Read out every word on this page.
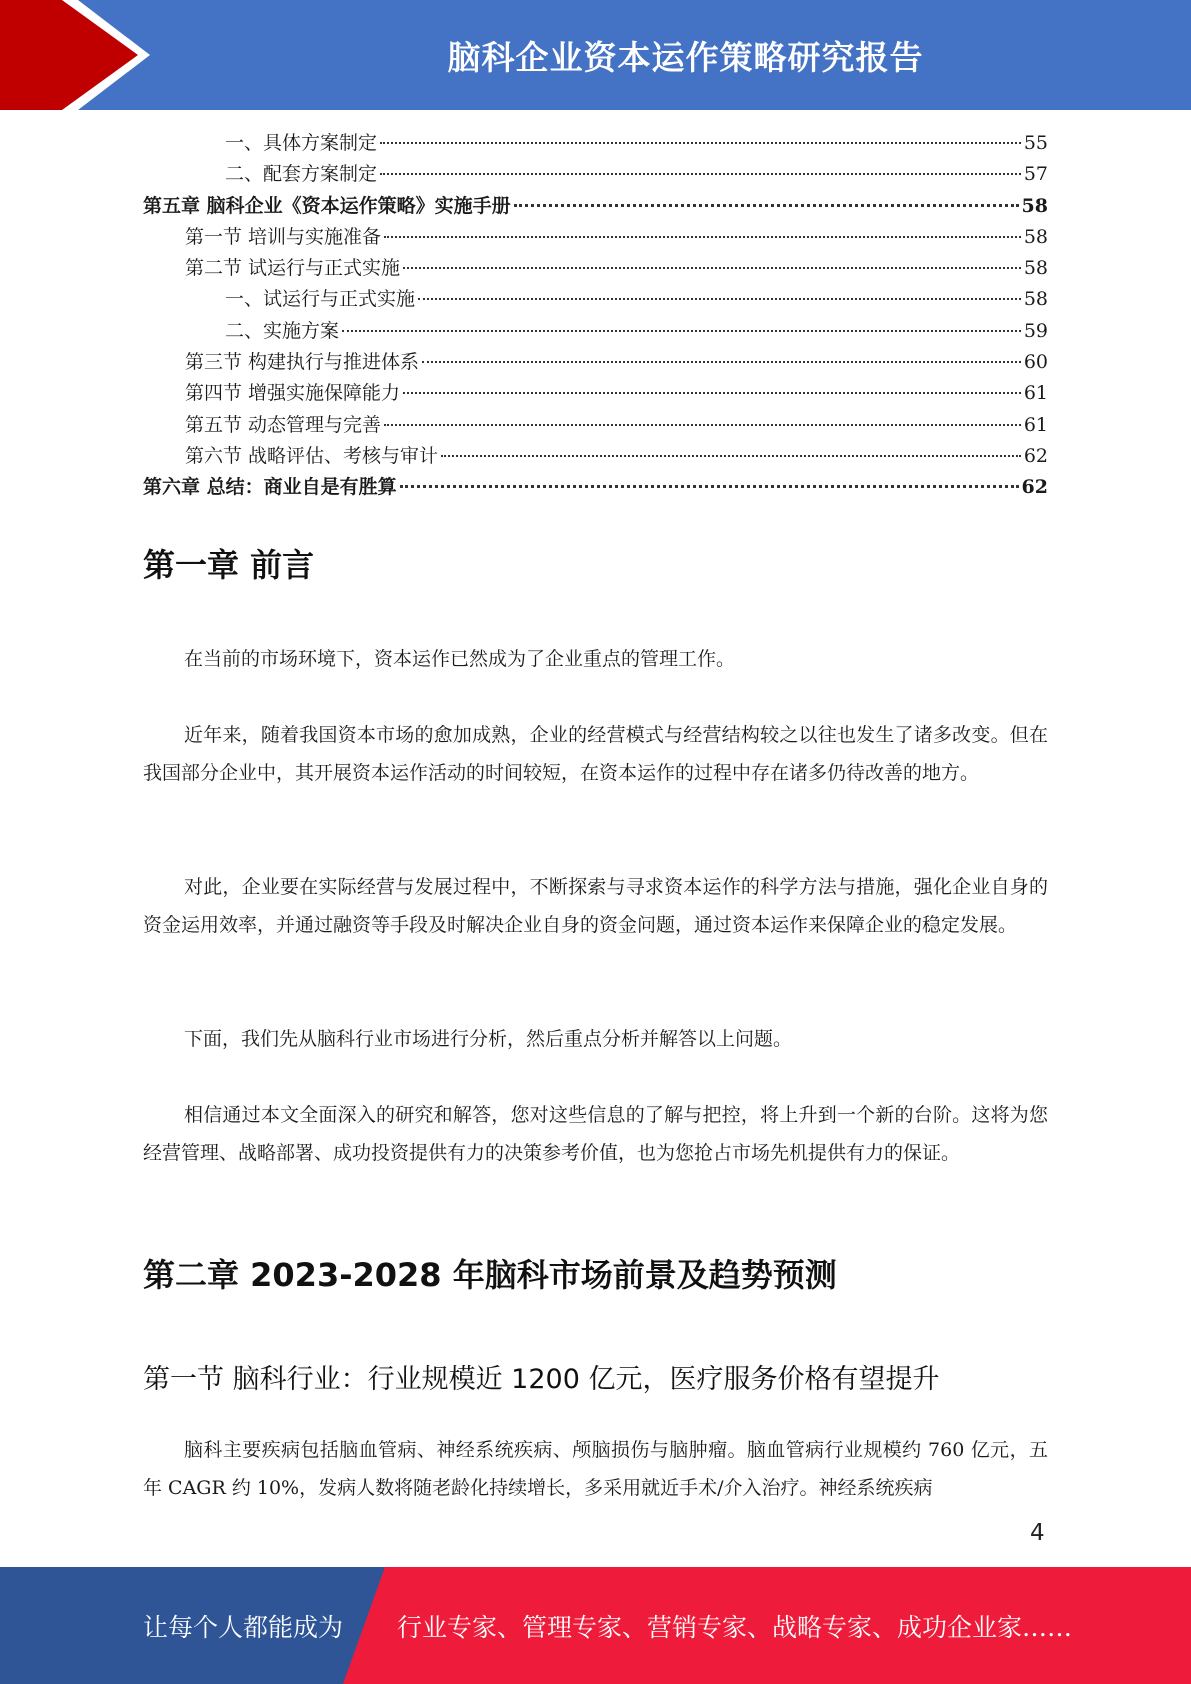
脑科企业资本运作策略研究报告
一、具体方案制定	55
二、配套方案制定	57
第五章 脑科企业《资本运作策略》实施手册	58
第一节 培训与实施准备	58
第二节 试运行与正式实施	58
一、试运行与正式实施	58
二、实施方案	59
第三节 构建执行与推进体系	60
第四节 增强实施保障能力	61
第五节 动态管理与完善	61
第六节 战略评估、考核与审计	62
第六章 总结：商业自是有胜算	62
第一章 前言

在当前的市场环境下，资本运作已然成为了企业重点的管理工作。

近年来，随着我国资本市场的愈加成熟，企业的经营模式与经营结构较之以往也发生了诸多改变。但在我国部分企业中，其开展资本运作活动的时间较短，在资本运作的过程中存在诸多仍待改善的地方。

对此，企业要在实际经营与发展过程中，不断探索与寻求资本运作的科学方法与措施，强化企业自身的资金运用效率，并通过融资等手段及时解决企业自身的资金问题，通过资本运作来保障企业的稳定发展。

下面，我们先从脑科行业市场进行分析，然后重点分析并解答以上问题。

相信通过本文全面深入的研究和解答，您对这些信息的了解与把控，将上升到一个新的台阶。这将为您经营管理、战略部署、成功投资提供有力的决策参考价值，也为您抢占市场先机提供有力的保证。

第二章 2023-2028 年脑科市场前景及趋势预测
第一节 脑科行业：行业规模近 1200 亿元，医疗服务价格有望提升

脑科主要疾病包括脑血管病、神经系统疾病、颅脑损伤与脑肿瘤。脑血管病行业规模约 760 亿元，五年 CAGR 约 10%，发病人数将随老龄化持续增长，多采用就近手术/介入治疗。神经系统疾病

4
让每个人都能成为 行业专家、管理专家、营销专家、战略专家、成功企业家……
